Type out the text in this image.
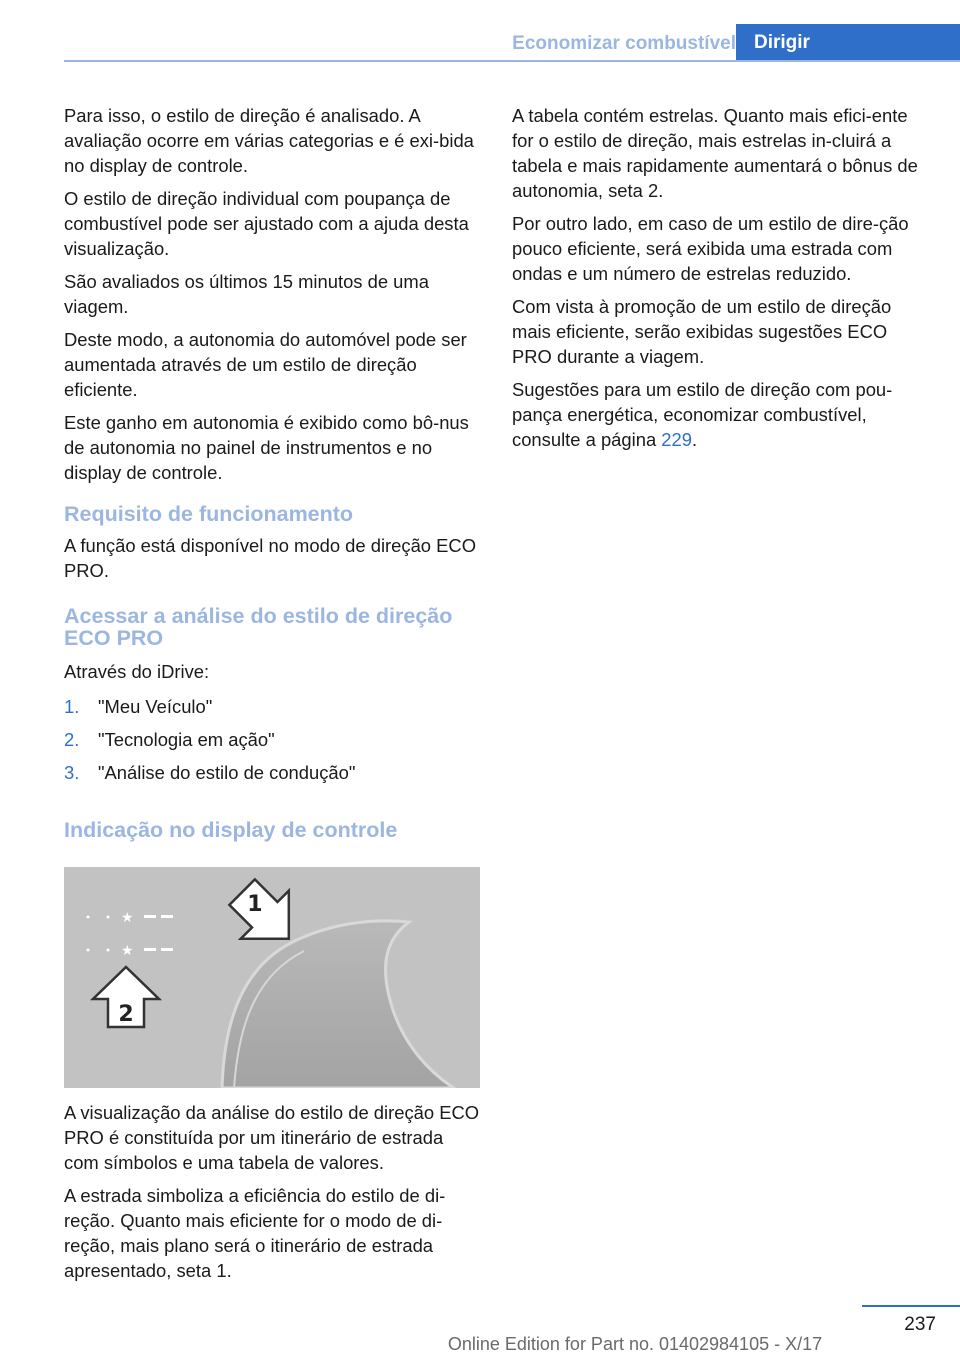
Economizar combustível Dirigir

Para isso, o estilo de direção é analisado. A avaliação ocorre em várias categorias e é exi‐bida no display de controle.

O estilo de direção individual com poupança de combustível pode ser ajustado com a ajuda desta visualização.

São avaliados os últimos 15 minutos de uma viagem.

Deste modo, a autonomia do automóvel pode ser aumentada através de um estilo de direção eficiente.

Este ganho em autonomia é exibido como bô‐nus de autonomia no painel de instrumentos e no display de controle.

Requisito de funcionamento

A função está disponível no modo de direção ECO PRO.

Acessar a análise do estilo de direção ECO PRO

Através do iDrive:

1.	"Meu Veículo"
2.	"Tecnologia em ação"
3.	"Análise do estilo de condução"
Indicação no display de controle
★
★
1
2

A visualização da análise do estilo de direção ECO PRO é constituída por um itinerário de estrada com símbolos e uma tabela de valores.

A estrada simboliza a eficiência do estilo de di‐reção. Quanto mais eficiente for o modo de di‐reção, mais plano será o itinerário de estrada apresentado, seta 1.

A tabela contém estrelas. Quanto mais efici‐ente for o estilo de direção, mais estrelas in‐cluirá a tabela e mais rapidamente aumentará o bônus de autonomia, seta 2.

Por outro lado, em caso de um estilo de dire‐ção pouco eficiente, será exibida uma estrada com ondas e um número de estrelas reduzido.

Com vista à promoção de um estilo de direção mais eficiente, serão exibidas sugestões ECO PRO durante a viagem.

Sugestões para um estilo de direção com pou‐pança energética, economizar combustível, consulte a página 229.

237
Online Edition for Part no. 01402984105 - X/17
